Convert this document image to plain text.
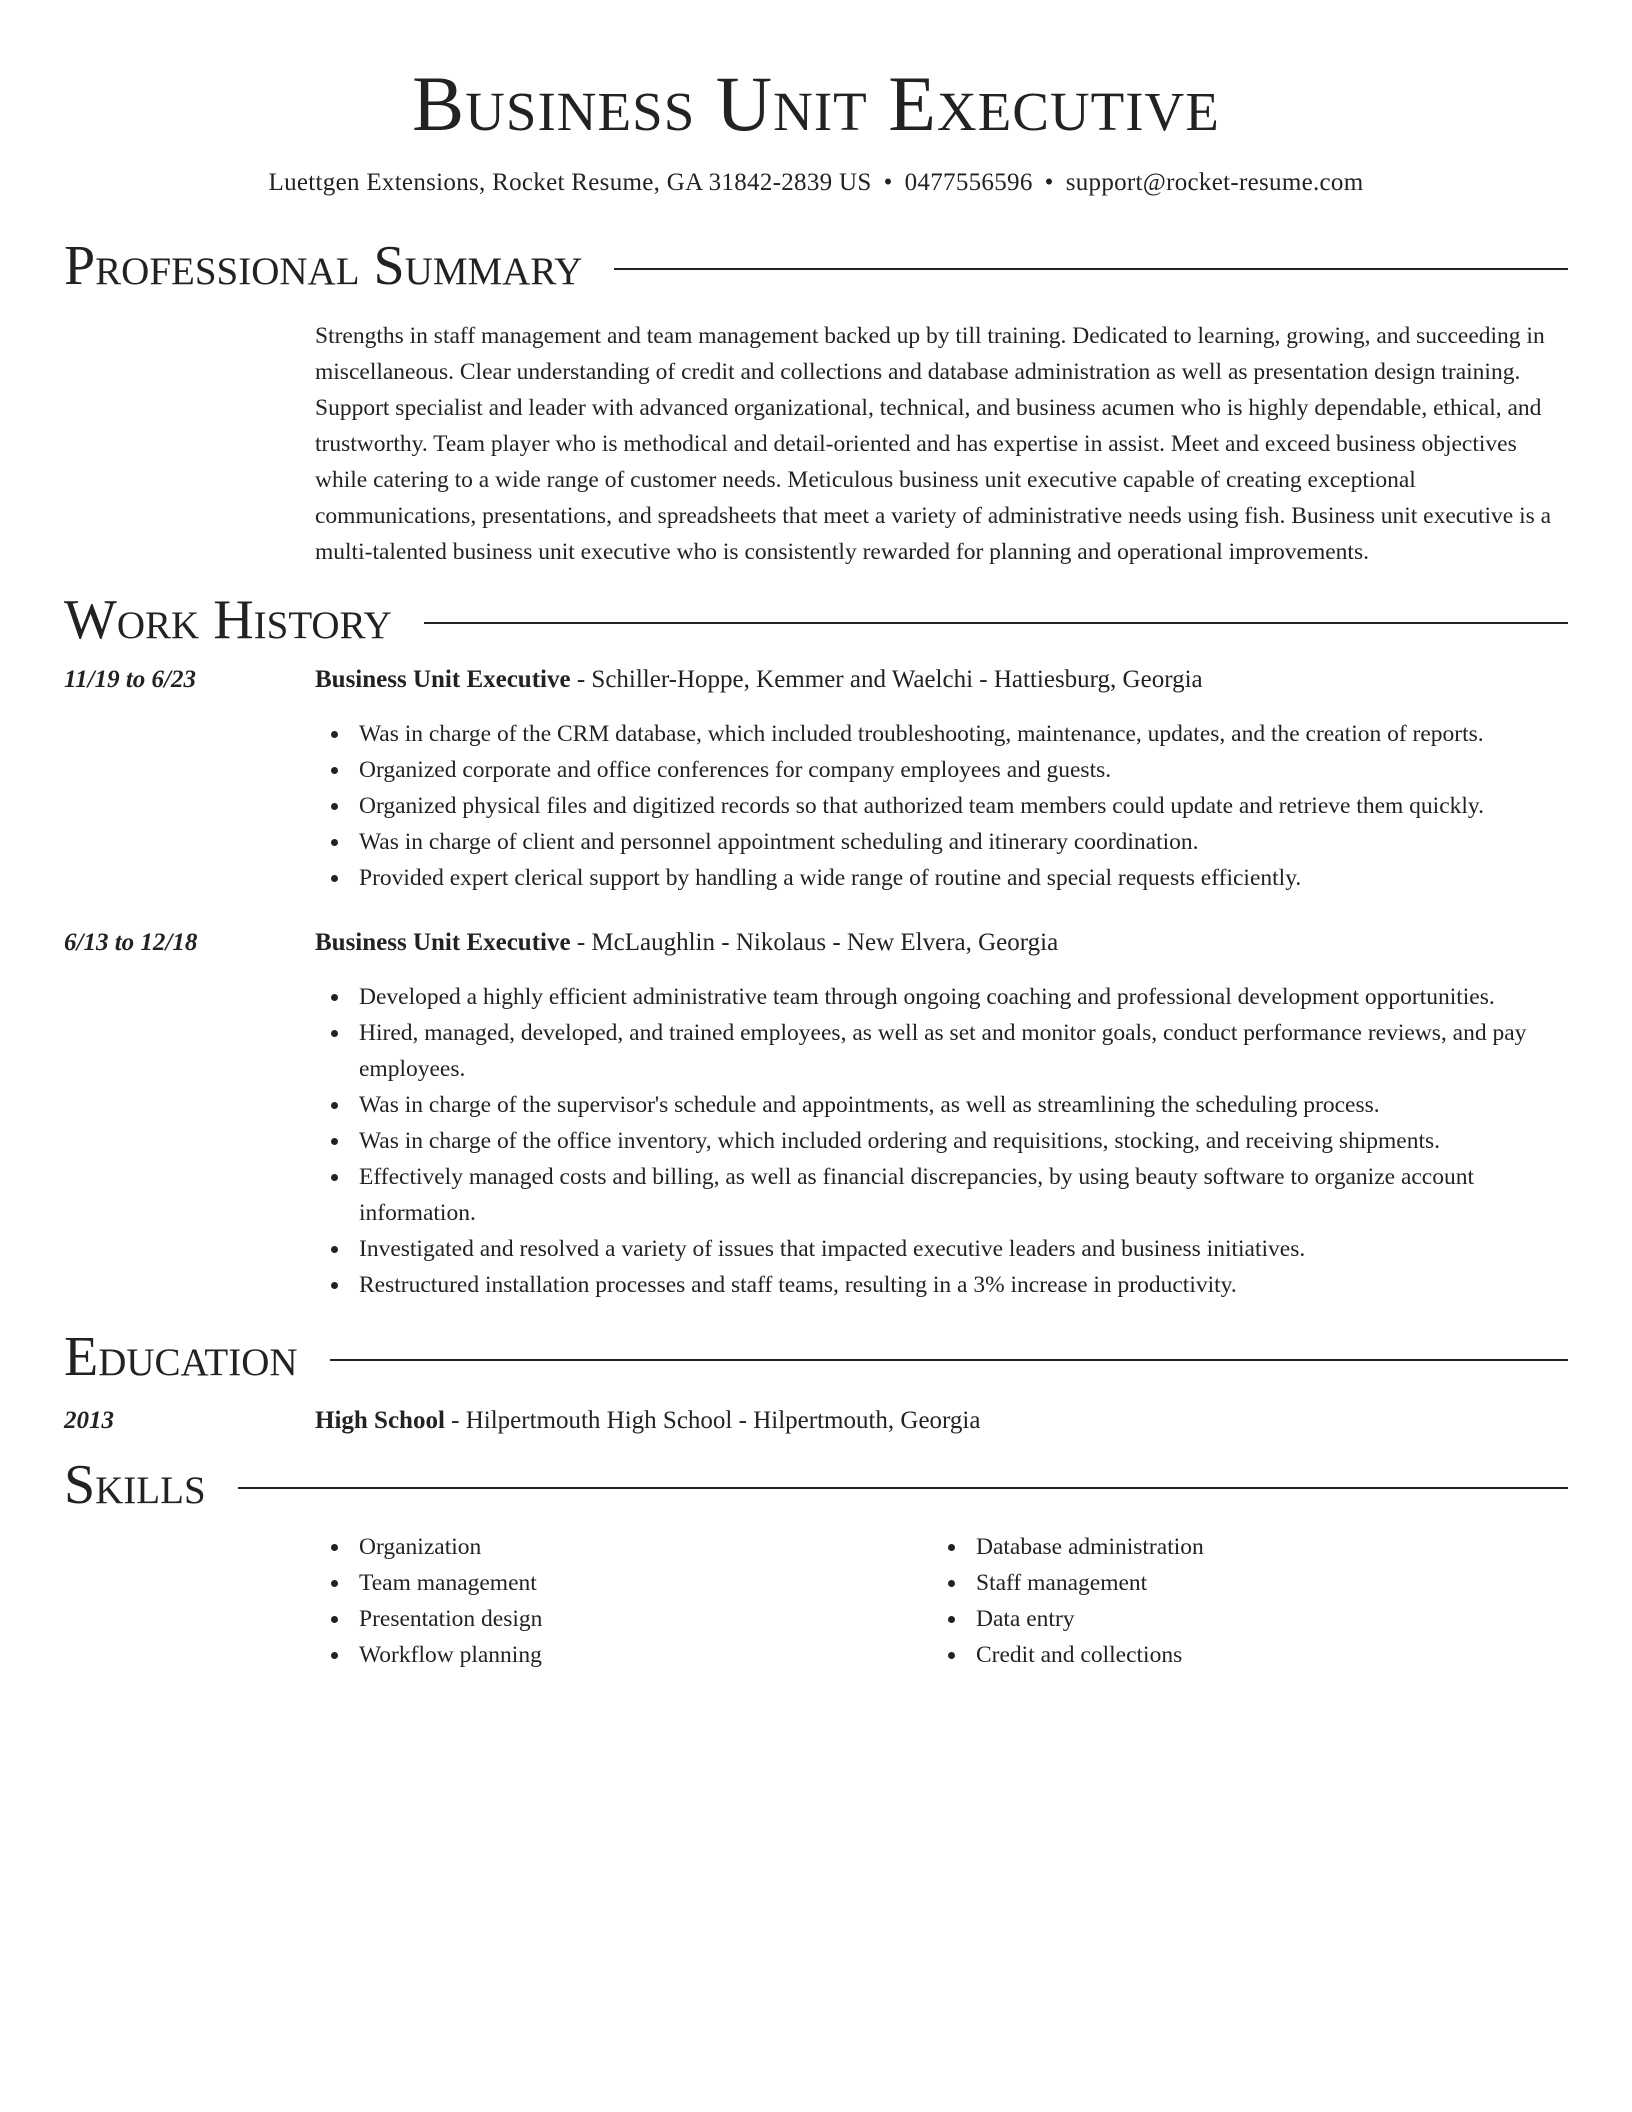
Business Unit Executive
Luettgen Extensions, Rocket Resume, GA 31842-2839 US • 0477556596 • support@rocket-resume.com
Professional Summary
Strengths in staff management and team management backed up by till training. Dedicated to learning, growing, and succeeding in miscellaneous. Clear understanding of credit and collections and database administration as well as presentation design training. Support specialist and leader with advanced organizational, technical, and business acumen who is highly dependable, ethical, and trustworthy. Team player who is methodical and detail-oriented and has expertise in assist. Meet and exceed business objectives while catering to a wide range of customer needs. Meticulous business unit executive capable of creating exceptional communications, presentations, and spreadsheets that meet a variety of administrative needs using fish. Business unit executive is a multi-talented business unit executive who is consistently rewarded for planning and operational improvements.
Work History
11/19 to 6/23	Business Unit Executive - Schiller-Hoppe, Kemmer and Waelchi - Hattiesburg, Georgia
Was in charge of the CRM database, which included troubleshooting, maintenance, updates, and the creation of reports.
Organized corporate and office conferences for company employees and guests.
Organized physical files and digitized records so that authorized team members could update and retrieve them quickly.
Was in charge of client and personnel appointment scheduling and itinerary coordination.
Provided expert clerical support by handling a wide range of routine and special requests efficiently.
6/13 to 12/18	Business Unit Executive - McLaughlin - Nikolaus - New Elvera, Georgia
Developed a highly efficient administrative team through ongoing coaching and professional development opportunities.
Hired, managed, developed, and trained employees, as well as set and monitor goals, conduct performance reviews, and pay employees.
Was in charge of the supervisor's schedule and appointments, as well as streamlining the scheduling process.
Was in charge of the office inventory, which included ordering and requisitions, stocking, and receiving shipments.
Effectively managed costs and billing, as well as financial discrepancies, by using beauty software to organize account information.
Investigated and resolved a variety of issues that impacted executive leaders and business initiatives.
Restructured installation processes and staff teams, resulting in a 3% increase in productivity.
Education
2013	High School - Hilpertmouth High School - Hilpertmouth, Georgia
Skills
Organization
Team management
Presentation design
Workflow planning
Database administration
Staff management
Data entry
Credit and collections
